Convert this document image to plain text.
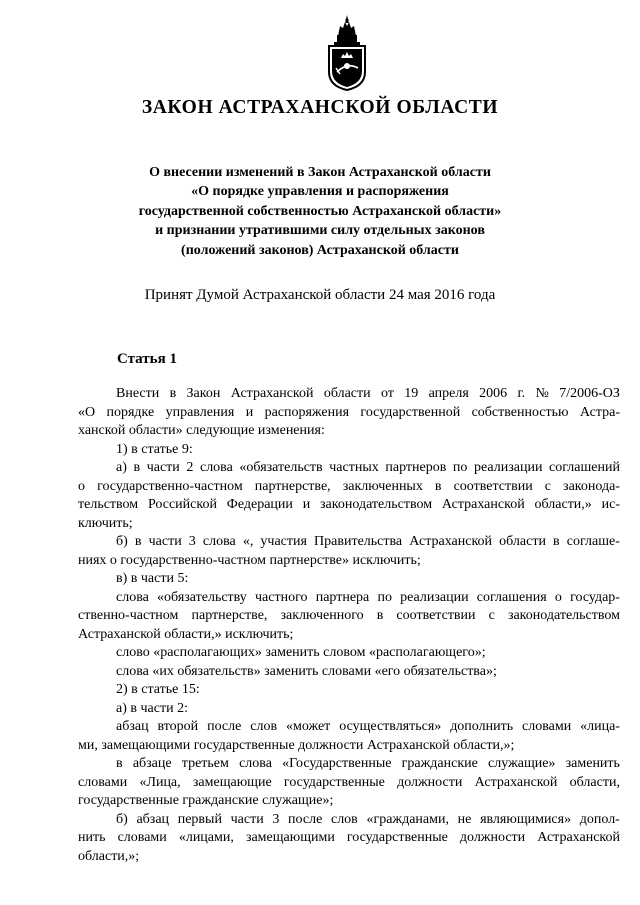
ЗАКОН АСТРАХАНСКОЙ ОБЛАСТИ
О внесении изменений в Закон Астраханской области
«О порядке управления и распоряжения
государственной собственностью Астраханской области»
и признании утратившими силу отдельных законов
(положений законов) Астраханской области
Принят Думой Астраханской области 24 мая 2016 года
Статья 1
Внести в Закон Астраханской области от 19 апреля 2006 г. № 7/2006-ОЗ
«О порядке управления и распоряжения государственной собственностью Астра-
ханской области» следующие изменения:
1) в статье 9:
а) в части 2 слова «обязательств частных партнеров по реализации соглашений
о государственно-частном партнерстве, заключенных в соответствии с законода-
тельством Российской Федерации и законодательством Астраханской области,» ис-
ключить;
б) в части 3 слова «, участия Правительства Астраханской области в соглаше-
ниях о государственно-частном партнерстве» исключить;
в) в части 5:
слова «обязательству частного партнера по реализации соглашения о государ-
ственно-частном партнерстве, заключенного в соответствии с законодательством
Астраханской области,» исключить;
слово «располагающих» заменить словом «располагающего»;
слова «их обязательств» заменить словами «его обязательства»;
2) в статье 15:
а) в части 2:
абзац второй после слов «может осуществляться» дополнить словами «лица-
ми, замещающими государственные должности Астраханской области,»;
в абзаце третьем слова «Государственные гражданские служащие» заменить
словами «Лица, замещающие государственные должности Астраханской области,
государственные гражданские служащие»;
б) абзац первый части 3 после слов «гражданами, не являющимися» допол-
нить словами «лицами, замещающими государственные должности Астраханской
области,»;
